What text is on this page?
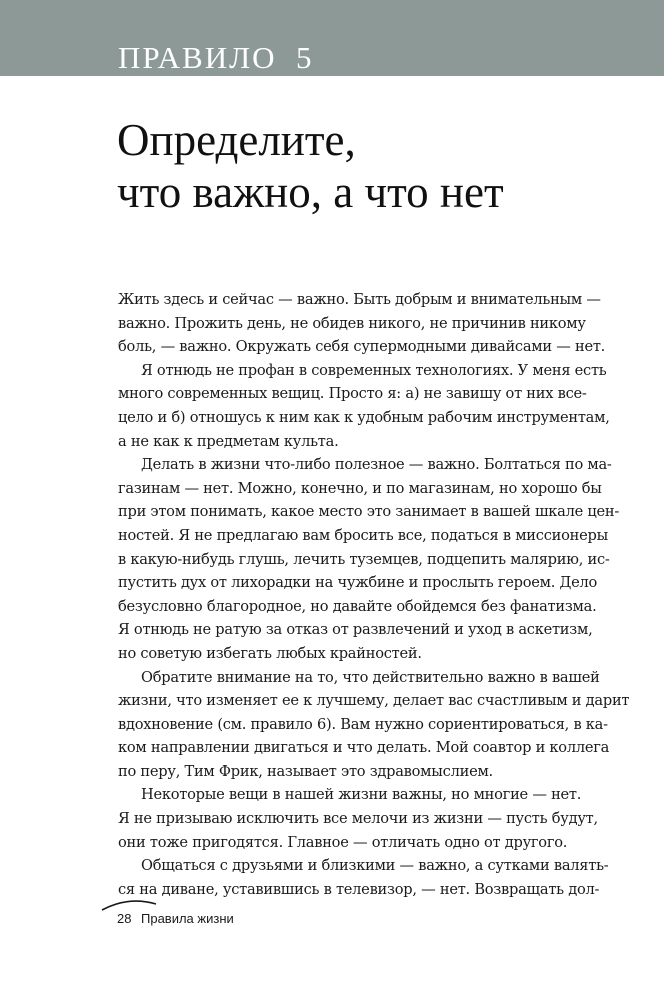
ПРАВИЛО  5
Определите,
что важно, а что нет
Жить здесь и сейчас — важно. Быть добрым и внимательным —
важно. Прожить день, не обидев никого, не причинив никому
боль, — важно. Окружать себя супермодными дивайсами — нет.
Я отнюдь не профан в современных технологиях. У меня есть
много современных вещиц. Просто я: а) не завишу от них все-
цело и б) отношусь к ним как к удобным рабочим инструментам,
а не как к предметам культа.
Делать в жизни что-либо полезное — важно. Болтаться по ма-
газинам — нет. Можно, конечно, и по магазинам, но хорошо бы
при этом понимать, какое место это занимает в вашей шкале цен-
ностей. Я не предлагаю вам бросить все, податься в миссионеры
в какую-нибудь глушь, лечить туземцев, подцепить малярию, ис-
пустить дух от лихорадки на чужбине и прослыть героем. Дело
безусловно благородное, но давайте обойдемся без фанатизма.
Я отнюдь не ратую за отказ от развлечений и уход в аскетизм,
но советую избегать любых крайностей.
Обратите внимание на то, что действительно важно в вашей
жизни, что изменяет ее к лучшему, делает вас счастливым и дарит
вдохновение (см. правило 6). Вам нужно сориентироваться, в ка-
ком направлении двигаться и что делать. Мой соавтор и коллега
по перу, Тим Фрик, называет это здравомыслием.
Некоторые вещи в нашей жизни важны, но многие — нет.
Я не призываю исключить все мелочи из жизни — пусть будут,
они тоже пригодятся. Главное — отличать одно от другого.
Общаться с друзьями и близкими — важно, а сутками валять-
ся на диване, уставившись в телевизор, — нет. Возвращать дол-
28 Правила жизни
